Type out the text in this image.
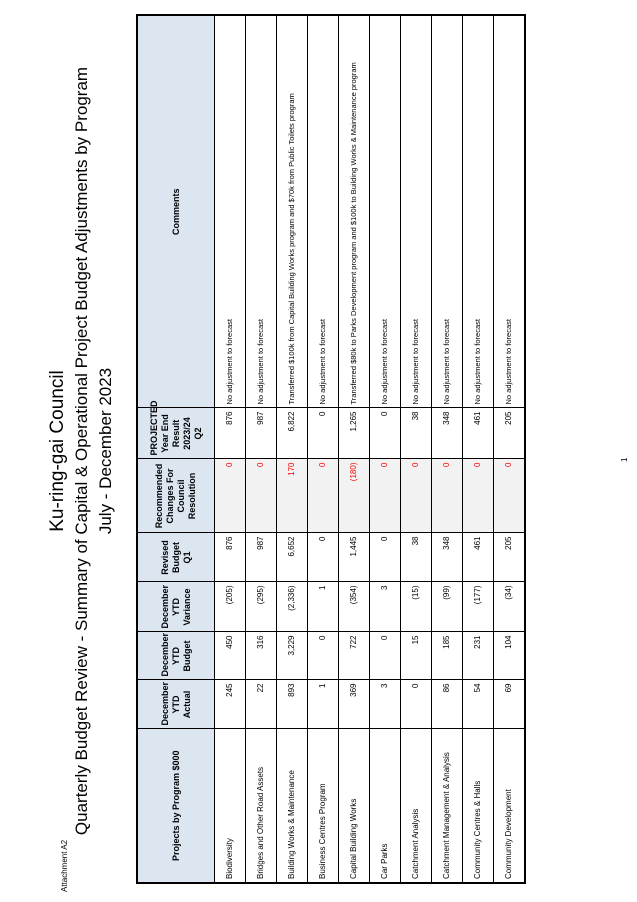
Attachment A2
Ku-ring-gai Council Quarterly Budget Review - Summary of Capital & Operational Project Budget Adjustments by Program July - December 2023
Projects by Program $000	December YTD Actual	December YTD Budget	December YTD Variance	Revised Budget Q1	Recommended Changes For Council Resolution	PROJECTED Year End Result 2023/24 Q2	Comments
Biodiversity	245	450	(205)	876	0	876	No adjustment to forecast
Bridges and Other Road Assets	22	316	(295)	987	0	987	No adjustment to forecast
Building Works & Maintenance	893	3,229	(2,336)	6,652	170	6,822	Transferred $100k from Capital Building Works program and $70k from Public Toilets program
Business Centres Program	1	0	1	0	0	0	No adjustment to forecast
Capital Building Works	369	722	(354)	1,445	(180)	1,265	Transferred $80k to Parks Development program and $100k to Building Works & Maintenance program
Car Parks	3	0	3	0	0	0	No adjustment to forecast
Catchment Analysis	0	15	(15)	38	0	38	No adjustment to forecast
Catchment Management & Analysis	86	185	(99)	348	0	348	No adjustment to forecast
Community Centres & Halls	54	231	(177)	461	0	461	No adjustment to forecast
Community Development	69	104	(34)	205	0	205	No adjustment to forecast
1
